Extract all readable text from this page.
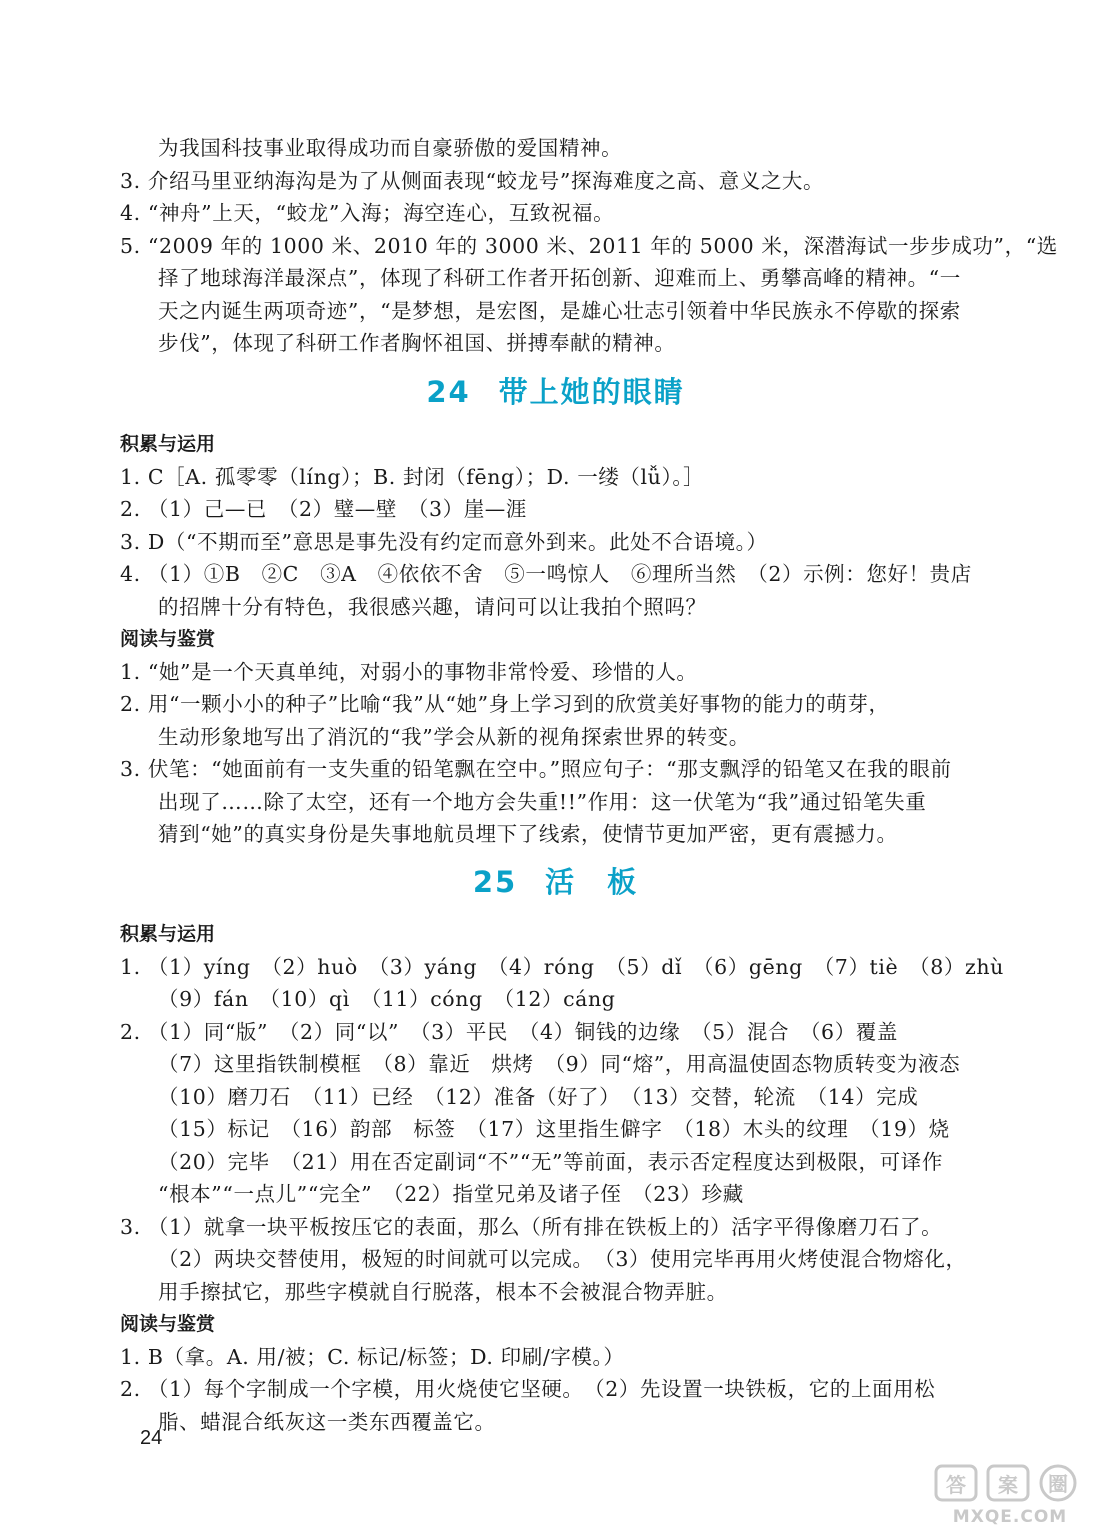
为我国科技事业取得成功而自豪骄傲的爱国精神。
3. 介绍马里亚纳海沟是为了从侧面表现“蛟龙号”探海难度之高、意义之大。
4. “神舟”上天，“蛟龙”入海；海空连心，互致祝福。
5. “2009 年的 1000 米、2010 年的 3000 米、2011 年的 5000 米，深潜海试一步步成功”，“选
择了地球海洋最深点”，体现了科研工作者开拓创新、迎难而上、勇攀高峰的精神。“一
天之内诞生两项奇迹”，“是梦想，是宏图，是雄心壮志引领着中华民族永不停歇的探索
步伐”，体现了科研工作者胸怀祖国、拼搏奉献的精神。
24 带上她的眼睛
积累与运用
1. C［A. 孤零零（líng）；B. 封闭（fēng）；D. 一缕（lǚ）。］
2. （1）己—已　（2）璧—壁　（3）崖—涯
3. D（“不期而至”意思是事先没有约定而意外到来。此处不合语境。）
4. （1）①B　②C　③A　④依依不舍　⑤一鸣惊人　⑥理所当然　（2）示例：您好！贵店
的招牌十分有特色，我很感兴趣，请问可以让我拍个照吗？
阅读与鉴赏
1. “她”是一个天真单纯，对弱小的事物非常怜爱、珍惜的人。
2. 用“一颗小小的种子”比喻“我”从“她”身上学习到的欣赏美好事物的能力的萌芽，
生动形象地写出了消沉的“我”学会从新的视角探索世界的转变。
3. 伏笔：“她面前有一支失重的铅笔飘在空中。”照应句子：“那支飘浮的铅笔又在我的眼前
出现了……除了太空，还有一个地方会失重!!”作用：这一伏笔为“我”通过铅笔失重
猜到“她”的真实身份是失事地航员埋下了线索，使情节更加严密，更有震撼力。
25 活　板
积累与运用
1. （1）yíng　（2）huò　（3）yáng　（4）róng　（5）dǐ　（6）gēng　（7）tiè　（8）zhù
（9）fán　（10）qì　（11）cóng　（12）cáng
2. （1）同“版”　（2）同“以”　（3）平民　（4）铜钱的边缘　（5）混合　（6）覆盖
（7）这里指铁制模框　（8）靠近　烘烤　（9）同“熔”，用高温使固态物质转变为液态
（10）磨刀石　（11）已经　（12）准备（好了）　（13）交替，轮流　（14）完成
（15）标记　（16）韵部　标签　（17）这里指生僻字　（18）木头的纹理　（19）烧
（20）完毕　（21）用在否定副词“不”“无”等前面，表示否定程度达到极限，可译作
“根本”“一点儿”“完全”　（22）指堂兄弟及诸子侄　（23）珍藏
3. （1）就拿一块平板按压它的表面，那么（所有排在铁板上的）活字平得像磨刀石了。
（2）两块交替使用，极短的时间就可以完成。　（3）使用完毕再用火烤使混合物熔化，
用手擦拭它，那些字模就自行脱落，根本不会被混合物弄脏。
阅读与鉴赏
1. B（拿。A. 用/被；C. 标记/标签；D. 印刷/字模。）
2. （1）每个字制成一个字模，用火烧使它坚硬。　（2）先设置一块铁板，它的上面用松
脂、蜡混合纸灰这一类东西覆盖它。
24
答 案 圈
MXQE.COM
